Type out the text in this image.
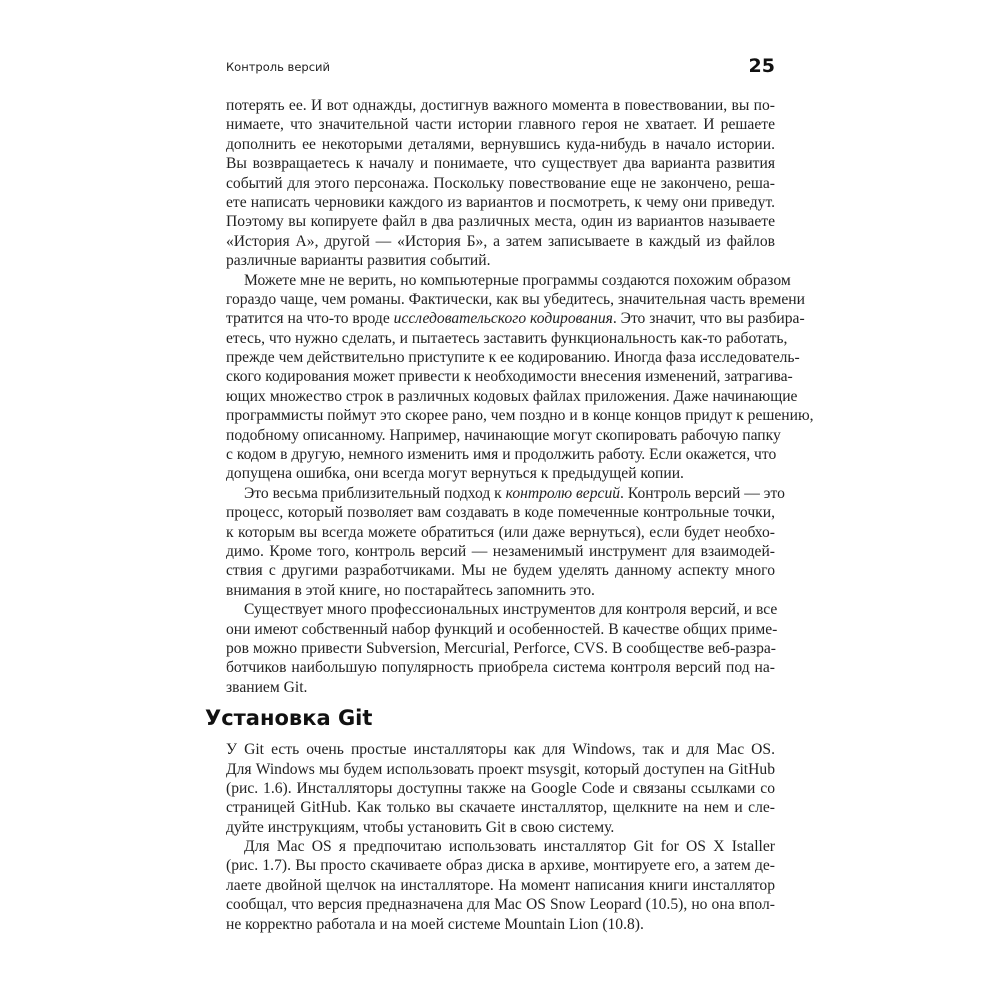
Контроль версий	25
потерять ее. И вот однажды, достигнув важного момента в повествовании, вы по-
нимаете, что значительной части истории главного героя не хватает. И решаете
дополнить ее некоторыми деталями, вернувшись куда-нибудь в начало истории.
Вы возвращаетесь к началу и понимаете, что существует два варианта развития
событий для этого персонажа. Поскольку повествование еще не закончено, реша-
ете написать черновики каждого из вариантов и посмотреть, к чему они приведут.
Поэтому вы копируете файл в два различных места, один из вариантов называете
«История А», другой — «История Б», а затем записываете в каждый из файлов
различные варианты развития событий.
Можете мне не верить, но компьютерные программы создаются похожим образом
гораздо чаще, чем романы. Фактически, как вы убедитесь, значительная часть времени
тратится на что-то вроде исследовательского кодирования. Это значит, что вы разбира-
етесь, что нужно сделать, и пытаетесь заставить функциональность как-то работать,
прежде чем действительно приступите к ее кодированию. Иногда фаза исследователь-
ского кодирования может привести к необходимости внесения изменений, затрагива-
ющих множество строк в различных кодовых файлах приложения. Даже начинающие
программисты поймут это скорее рано, чем поздно и в конце концов придут к решению,
подобному описанному. Например, начинающие могут скопировать рабочую папку
с кодом в другую, немного изменить имя и продолжить работу. Если окажется, что
допущена ошибка, они всегда могут вернуться к предыдущей копии.
Это весьма приблизительный подход к контролю версий. Контроль версий — это
процесс, который позволяет вам создавать в коде помеченные контрольные точки,
к которым вы всегда можете обратиться (или даже вернуться), если будет необхо-
димо. Кроме того, контроль версий — незаменимый инструмент для взаимодей-
ствия с другими разработчиками. Мы не будем уделять данному аспекту много
внимания в этой книге, но постарайтесь запомнить это.
Существует много профессиональных инструментов для контроля версий, и все
они имеют собственный набор функций и особенностей. В качестве общих приме-
ров можно привести Subversion, Mercurial, Perforce, CVS. В сообществе веб-разра-
ботчиков наибольшую популярность приобрела система контроля версий под на-
званием Git.
Установка Git
У Git есть очень простые инсталляторы как для Windows, так и для Mac OS.
Для Windows мы будем использовать проект msysgit, который доступен на GitHub
(рис. 1.6). Инсталляторы доступны также на Google Code и связаны ссылками со
страницей GitHub. Как только вы скачаете инсталлятор, щелкните на нем и сле-
дуйте инструкциям, чтобы установить Git в свою систему.
Для Mac OS я предпочитаю использовать инсталлятор Git for OS X Istaller
(рис. 1.7). Вы просто скачиваете образ диска в архиве, монтируете его, а затем де-
лаете двойной щелчок на инсталляторе. На момент написания книги инсталлятор
сообщал, что версия предназначена для Mac OS Snow Leopard (10.5), но она впол-
не корректно работала и на моей системе Mountain Lion (10.8).
